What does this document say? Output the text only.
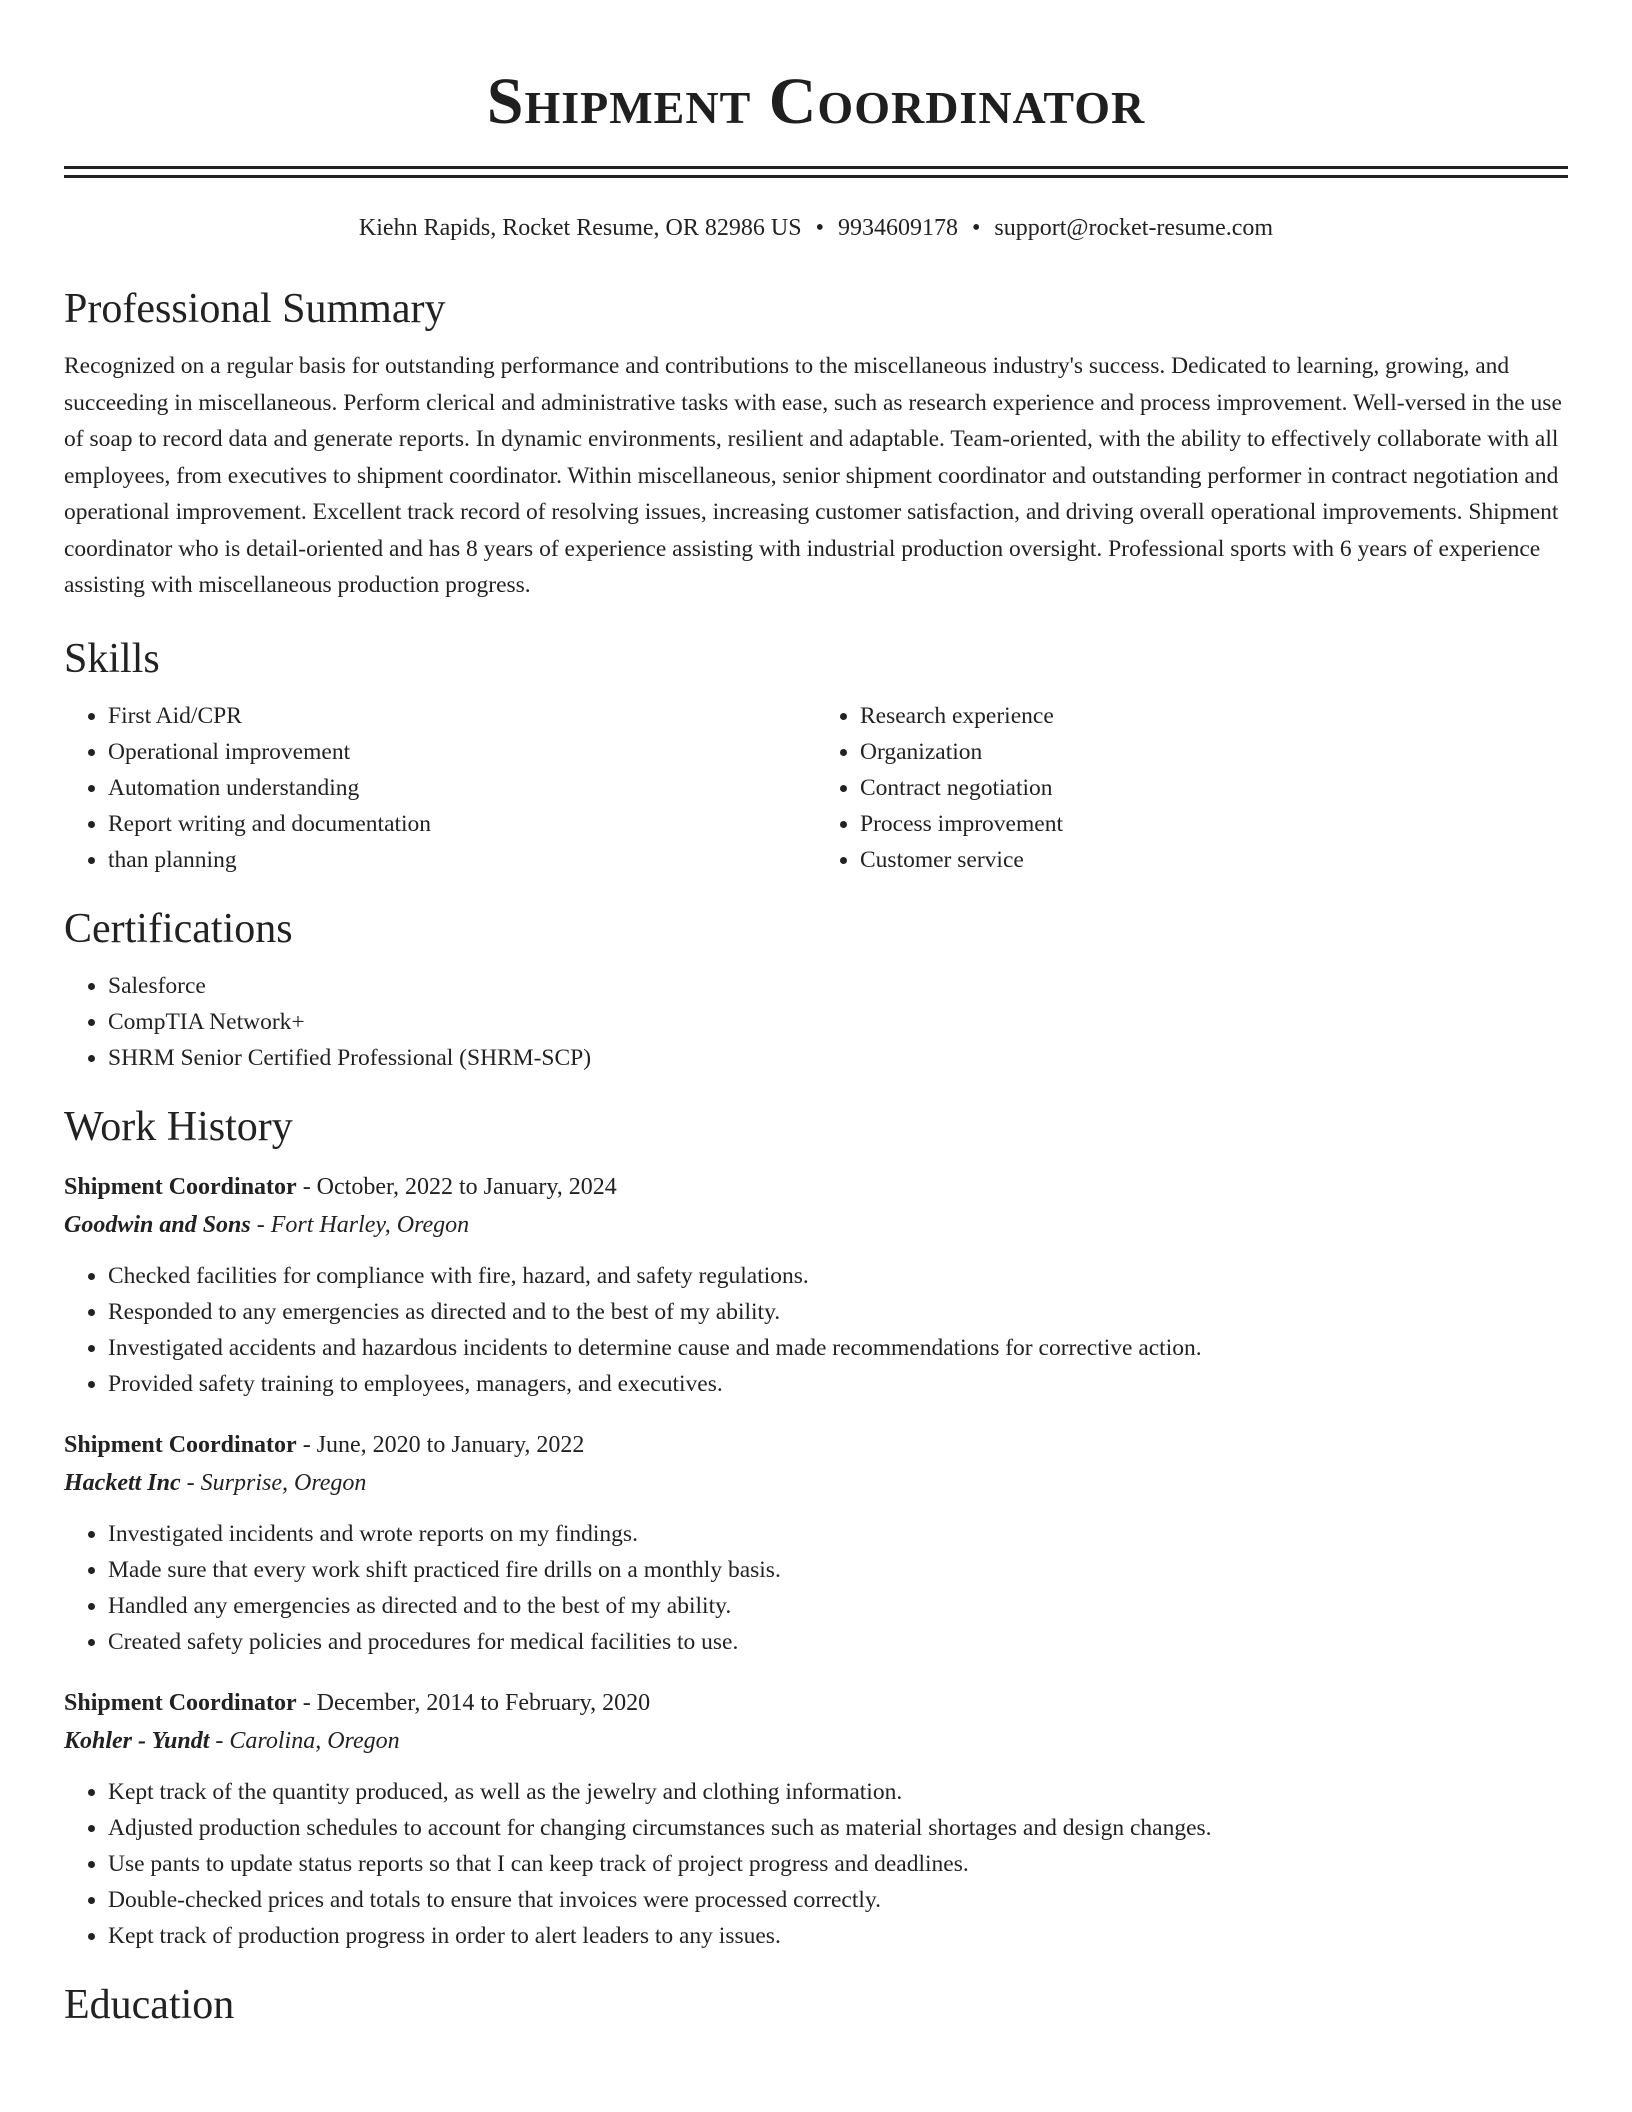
Shipment Coordinator
Kiehn Rapids, Rocket Resume, OR 82986 US • 9934609178 • support@rocket-resume.com
Professional Summary
Recognized on a regular basis for outstanding performance and contributions to the miscellaneous industry's success. Dedicated to learning, growing, and succeeding in miscellaneous. Perform clerical and administrative tasks with ease, such as research experience and process improvement. Well-versed in the use of soap to record data and generate reports. In dynamic environments, resilient and adaptable. Team-oriented, with the ability to effectively collaborate with all employees, from executives to shipment coordinator. Within miscellaneous, senior shipment coordinator and outstanding performer in contract negotiation and operational improvement. Excellent track record of resolving issues, increasing customer satisfaction, and driving overall operational improvements. Shipment coordinator who is detail-oriented and has 8 years of experience assisting with industrial production oversight. Professional sports with 6 years of experience assisting with miscellaneous production progress.
Skills
• First Aid/CPR
• Operational improvement
• Automation understanding
• Report writing and documentation
• than planning
• Research experience
• Organization
• Contract negotiation
• Process improvement
• Customer service
Certifications
• Salesforce
• CompTIA Network+
• SHRM Senior Certified Professional (SHRM-SCP)
Work History
Shipment Coordinator - October, 2022 to January, 2024
Goodwin and Sons - Fort Harley, Oregon
• Checked facilities for compliance with fire, hazard, and safety regulations.
• Responded to any emergencies as directed and to the best of my ability.
• Investigated accidents and hazardous incidents to determine cause and made recommendations for corrective action.
• Provided safety training to employees, managers, and executives.
Shipment Coordinator - June, 2020 to January, 2022
Hackett Inc - Surprise, Oregon
• Investigated incidents and wrote reports on my findings.
• Made sure that every work shift practiced fire drills on a monthly basis.
• Handled any emergencies as directed and to the best of my ability.
• Created safety policies and procedures for medical facilities to use.
Shipment Coordinator - December, 2014 to February, 2020
Kohler - Yundt - Carolina, Oregon
• Kept track of the quantity produced, as well as the jewelry and clothing information.
• Adjusted production schedules to account for changing circumstances such as material shortages and design changes.
• Use pants to update status reports so that I can keep track of project progress and deadlines.
• Double-checked prices and totals to ensure that invoices were processed correctly.
• Kept track of production progress in order to alert leaders to any issues.
Education
